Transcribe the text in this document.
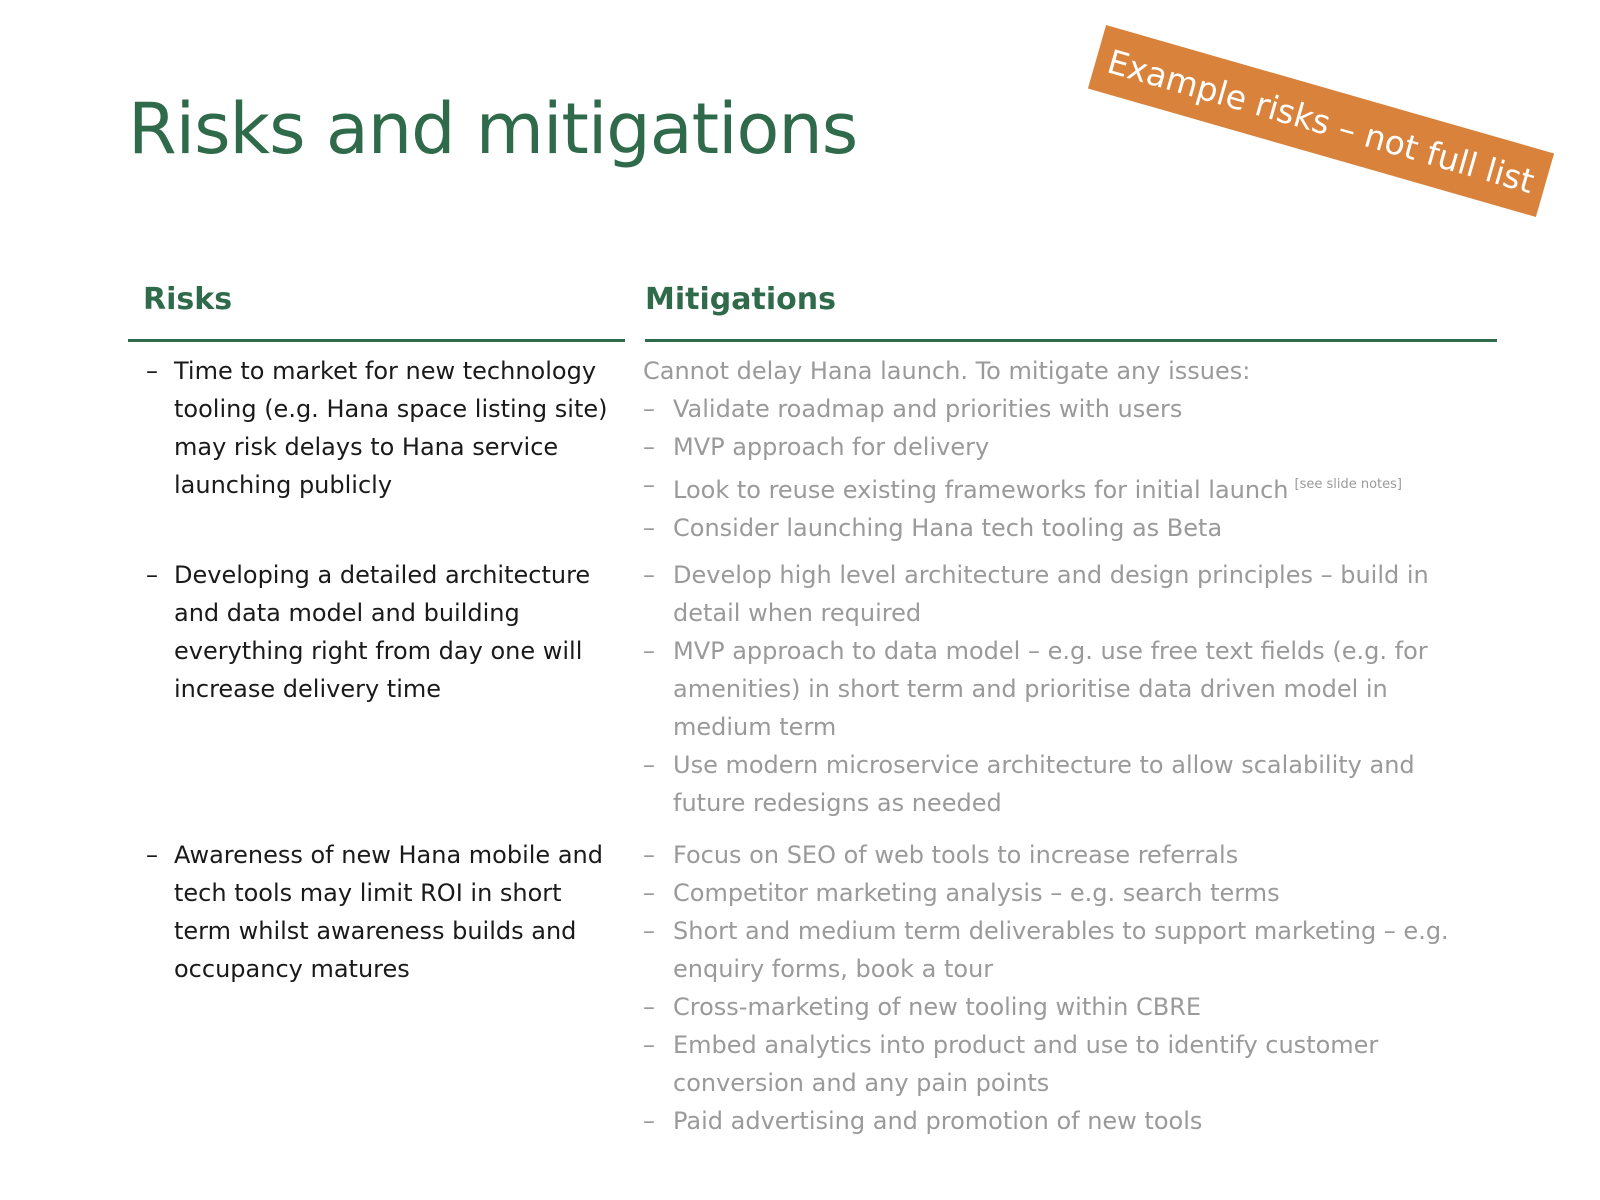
Risks and mitigations	Example risks – not full list
Risks	Mitigations
– Time to market for new technology tooling (e.g. Hana space listing site) may risk delays to Hana service launching publicly
Cannot delay Hana launch. To mitigate any issues:
– Validate roadmap and priorities with users
– MVP approach for delivery
– Look to reuse existing frameworks for initial launch [see slide notes]
– Consider launching Hana tech tooling as Beta
– Developing a detailed architecture and data model and building everything right from day one will increase delivery time
– Develop high level architecture and design principles – build in detail when required
– MVP approach to data model – e.g. use free text fields (e.g. for amenities) in short term and prioritise data driven model in medium term
– Use modern microservice architecture to allow scalability and future redesigns as needed
– Awareness of new Hana mobile and tech tools may limit ROI in short term whilst awareness builds and occupancy matures
– Focus on SEO of web tools to increase referrals
– Competitor marketing analysis – e.g. search terms
– Short and medium term deliverables to support marketing – e.g. enquiry forms, book a tour
– Cross-marketing of new tooling within CBRE
– Embed analytics into product and use to identify customer conversion and any pain points
– Paid advertising and promotion of new tools
